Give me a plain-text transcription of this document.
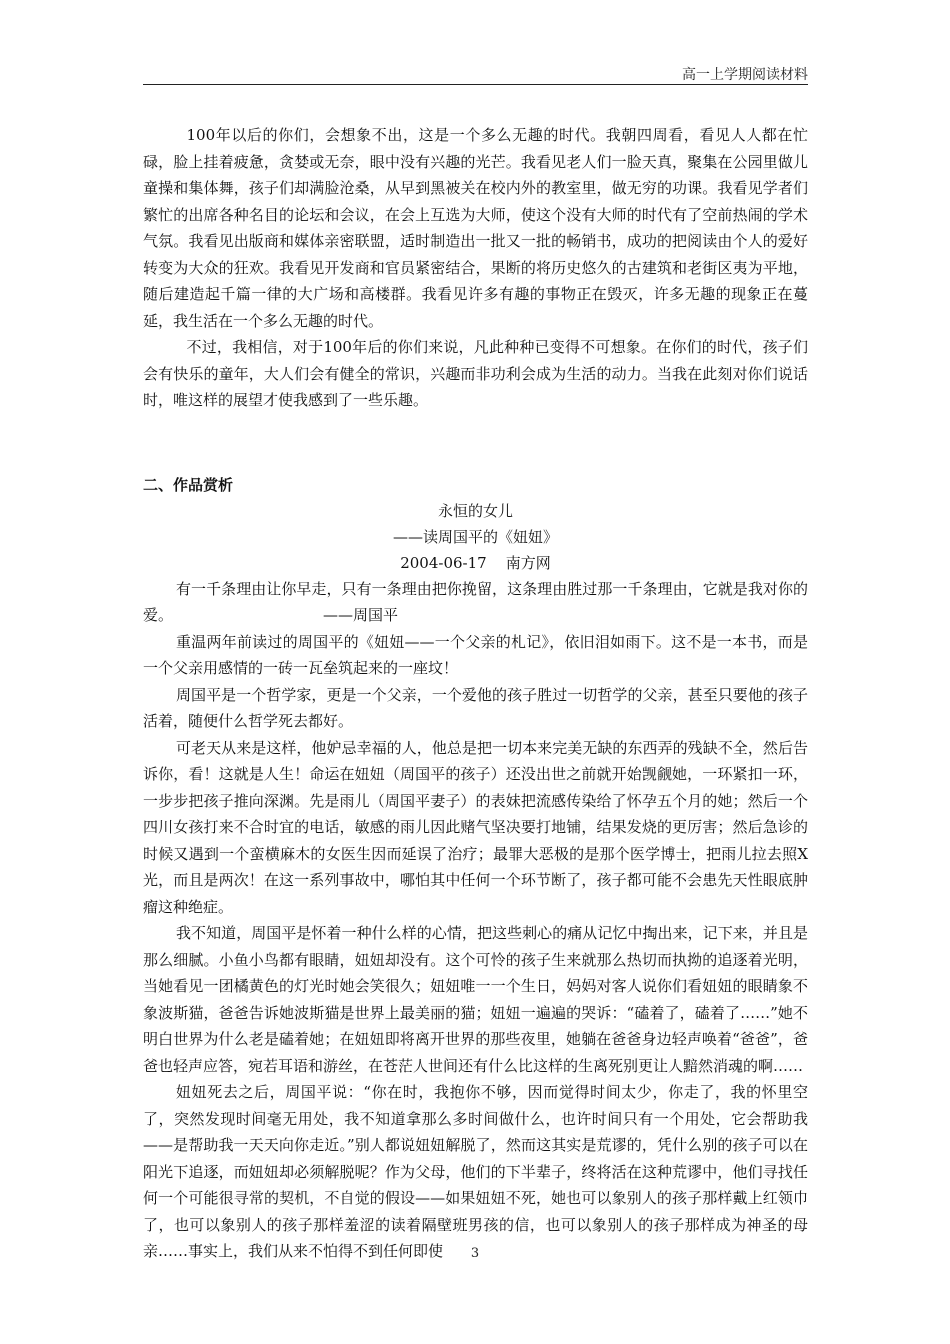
高一上学期阅读材料

100年以后的你们，会想象不出，这是一个多么无趣的时代。我朝四周看，看见人人都在忙碌，脸上挂着疲惫，贪婪或无奈，眼中没有兴趣的光芒。我看见老人们一脸天真，聚集在公园里做儿童操和集体舞，孩子们却满脸沧桑，从早到黑被关在校内外的教室里，做无穷的功课。我看见学者们繁忙的出席各种名目的论坛和会议，在会上互选为大师，使这个没有大师的时代有了空前热闹的学术气氛。我看见出版商和媒体亲密联盟，适时制造出一批又一批的畅销书，成功的把阅读由个人的爱好转变为大众的狂欢。我看见开发商和官员紧密结合，果断的将历史悠久的古建筑和老街区夷为平地，随后建造起千篇一律的大广场和高楼群。我看见许多有趣的事物正在毁灭，许多无趣的现象正在蔓延，我生活在一个多么无趣的时代。

不过，我相信，对于100年后的你们来说，凡此种种已变得不可想象。在你们的时代，孩子们会有快乐的童年，大人们会有健全的常识，兴趣而非功利会成为生活的动力。当我在此刻对你们说话时，唯这样的展望才使我感到了一些乐趣。

二、作品赏析

永恒的女儿

——读周国平的《妞妞》

2004-06-17 南方网

有一千条理由让你早走，只有一条理由把你挽留，这条理由胜过那一千条理由，它就是我对你的爱。	——周国平

重温两年前读过的周国平的《妞妞——一个父亲的札记》，依旧泪如雨下。这不是一本书，而是一个父亲用感情的一砖一瓦垒筑起来的一座坟！

周国平是一个哲学家，更是一个父亲，一个爱他的孩子胜过一切哲学的父亲，甚至只要他的孩子活着，随便什么哲学死去都好。

可老天从来是这样，他妒忌幸福的人，他总是把一切本来完美无缺的东西弄的残缺不全，然后告诉你，看！这就是人生！命运在妞妞（周国平的孩子）还没出世之前就开始觊觎她，一环紧扣一环，一步步把孩子推向深渊。先是雨儿（周国平妻子）的表妹把流感传染给了怀孕五个月的她；然后一个四川女孩打来不合时宜的电话，敏感的雨儿因此赌气坚决要打地铺，结果发烧的更厉害；然后急诊的时候又遇到一个蛮横麻木的女医生因而延误了治疗；最罪大恶极的是那个医学博士，把雨儿拉去照X光，而且是两次！在这一系列事故中，哪怕其中任何一个环节断了，孩子都可能不会患先天性眼底肿瘤这种绝症。

我不知道，周国平是怀着一种什么样的心情，把这些刺心的痛从记忆中掏出来，记下来，并且是那么细腻。小鱼小鸟都有眼睛，妞妞却没有。这个可怜的孩子生来就那么热切而执拗的追逐着光明，当她看见一团橘黄色的灯光时她会笑很久；妞妞唯一一个生日，妈妈对客人说你们看妞妞的眼睛象不象波斯猫，爸爸告诉她波斯猫是世界上最美丽的猫；妞妞一遍遍的哭诉：“磕着了，磕着了……”她不明白世界为什么老是磕着她；在妞妞即将离开世界的那些夜里，她躺在爸爸身边轻声唤着“爸爸”，爸爸也轻声应答，宛若耳语和游丝，在苍茫人世间还有什么比这样的生离死别更让人黯然消魂的啊……

妞妞死去之后，周国平说：“你在时，我抱你不够，因而觉得时间太少，你走了，我的怀里空了，突然发现时间毫无用处，我不知道拿那么多时间做什么，也许时间只有一个用处，它会帮助我——是帮助我一天天向你走近。”别人都说妞妞解脱了，然而这其实是荒谬的，凭什么别的孩子可以在阳光下追逐，而妞妞却必须解脱呢？作为父母，他们的下半辈子，终将活在这种荒谬中，他们寻找任何一个可能很寻常的契机，不自觉的假设——如果妞妞不死，她也可以象别人的孩子那样戴上红领巾了，也可以象别人的孩子那样羞涩的读着隔壁班男孩的信，也可以象别人的孩子那样成为神圣的母亲……事实上，我们从来不怕得不到任何即使	3
